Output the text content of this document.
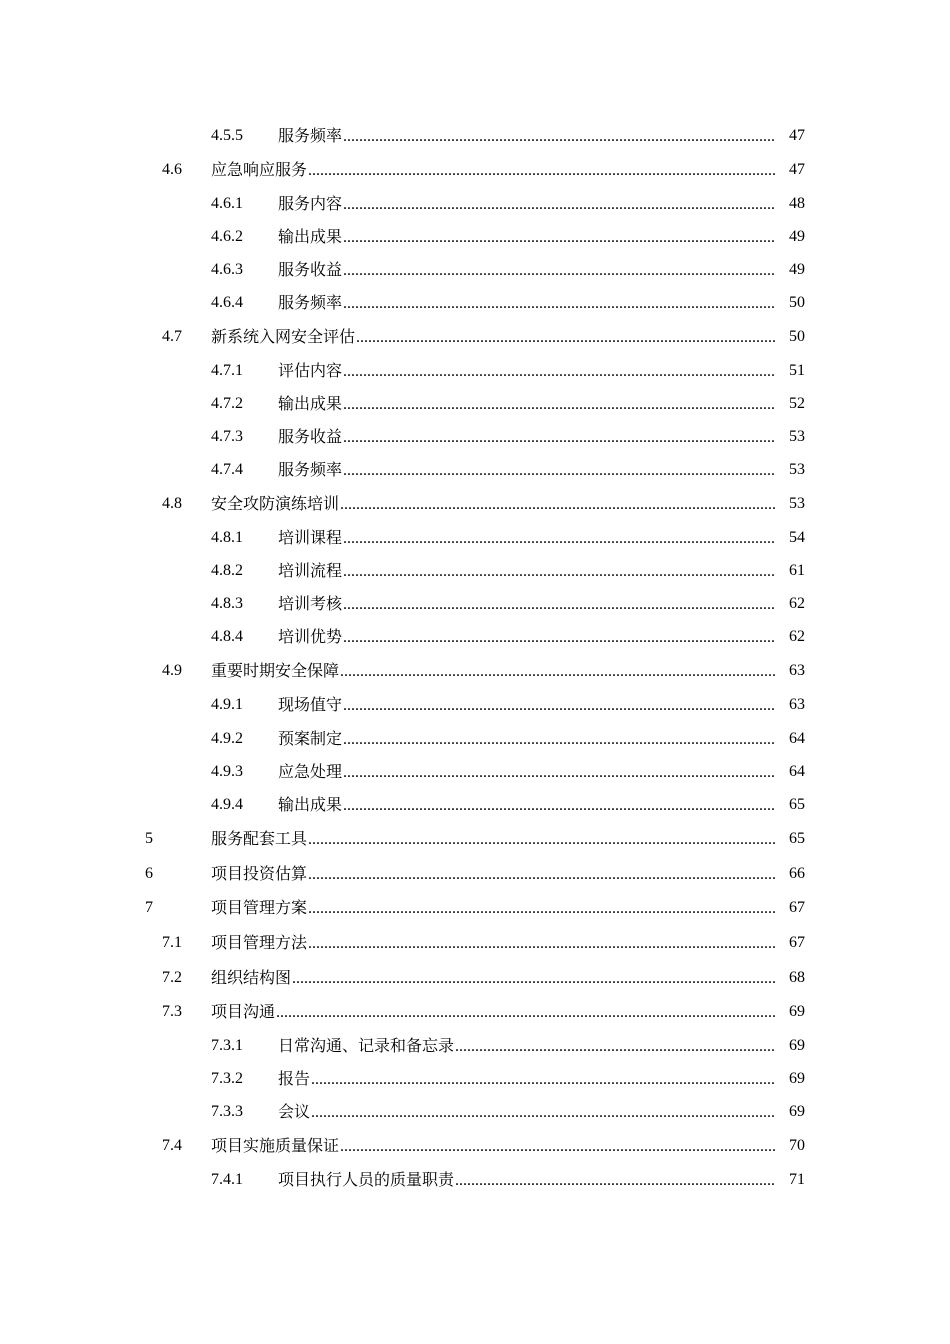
4.5.5 服务频率 .....	47
4.6 应急响应服务 .....	47
4.6.1 服务内容 .....	48
4.6.2 输出成果 .....	49
4.6.3 服务收益 .....	49
4.6.4 服务频率 .....	50
4.7 新系统入网安全评估 .....	50
4.7.1 评估内容 .....	51
4.7.2 输出成果 .....	52
4.7.3 服务收益 .....	53
4.7.4 服务频率 .....	53
4.8 安全攻防演练培训 .....	53
4.8.1 培训课程 .....	54
4.8.2 培训流程 .....	61
4.8.3 培训考核 .....	62
4.8.4 培训优势 .....	62
4.9 重要时期安全保障 .....	63
4.9.1 现场值守 .....	63
4.9.2 预案制定 .....	64
4.9.3 应急处理 .....	64
4.9.4 输出成果 .....	65
5	服务配套工具 .....	65
6	项目投资估算 .....	66
7	项目管理方案 .....	67
7.1 项目管理方法 .....	67
7.2 组织结构图 .....	68
7.3 项目沟通 .....	69
7.3.1 日常沟通、记录和备忘录 .....	69
7.3.2 报告 .....	69
7.3.3 会议 .....	69
7.4 项目实施质量保证 .....	70
7.4.1 项目执行人员的质量职责 .....	71
